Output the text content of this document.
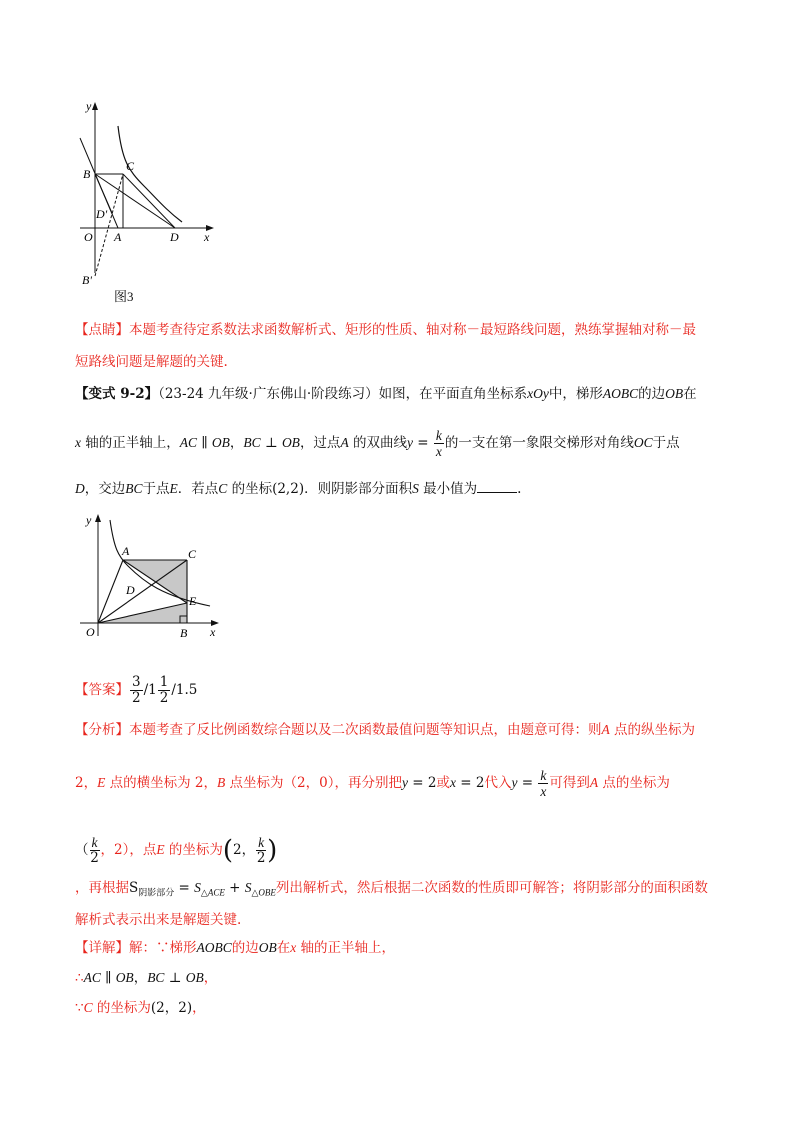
y
x
O A
B
C
D
D'
B'
图3
【点睛】本题考查待定系数法求函数解析式、矩形的性质、轴对称－最短路线问题，熟练掌握轴对称－最
短路线问题是解题的关键.
【变式 9-2】（23-24 九年级·广东佛山·阶段练习）如图，在平面直角坐标系xOy中，梯形AOBC的边OB在
x 轴的正半轴上，AC ∥ OB，BC ⊥ OB，过点A 的双曲线$y = \frac{k}{x}$ 的一支在第一象限交梯形对角线OC于点
D，交边BC于点E．若点C 的坐标(2,2)．则阴影部分面积S 最小值为	.
y
x
O
A
B
C
D
E
【答案】 $\frac{3}{2} /1 \frac{1}{2} /1.5$
【分析】本题考查了反比例函数综合题以及二次函数最值问题等知识点，由题意可得：则A 点的纵坐标为
2，E 点的横坐标为 2，B 点坐标为（2，0），再分别把y = 2或x = 2代入$y = \frac{k}{x}$ 可得到A 点的坐标为
（ $\frac{k}{2}$ ，2），点E 的坐标为(2， $\frac{k}{2}$ )
，再根据$S_{阴影部分} = S_{\triangle ACE} + S_{\triangle OBE}$列出解析式，然后根据二次函数的性质即可解答；将阴影部分的面积函数
解析式表示出来是解题关键.
【详解】解：∵梯形AOBC的边OB在x 轴的正半轴上，
∴AC ∥ OB，BC ⊥ OB，
∵C 的坐标为(2，2)，
